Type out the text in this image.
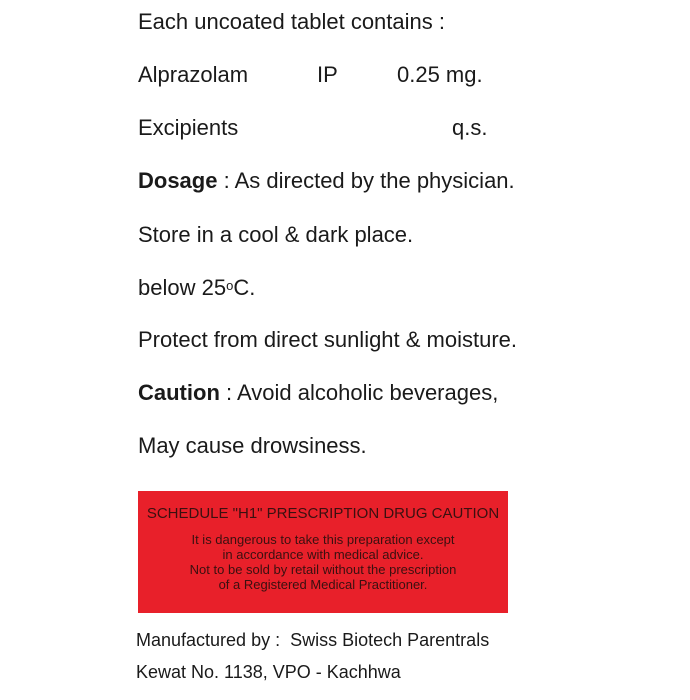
Each uncoated tablet contains :
Alprazolam	IP	0.25 mg.
Excipients	q.s.
Dosage : As directed by the physician.
Store in a cool & dark place.
below 25$^o$C.
Protect from direct sunlight & moisture.
Caution : Avoid alcoholic beverages,
May cause drowsiness.
SCHEDULE "H1" PRESCRIPTION DRUG CAUTION
It is dangerous to take this preparation except
in accordance with medical advice.
Not to be sold by retail without the prescription
of a Registered Medical Practitioner.
Manufactured by : Swiss Biotech Parentrals
Kewat No. 1138, VPO - Kachhwa
